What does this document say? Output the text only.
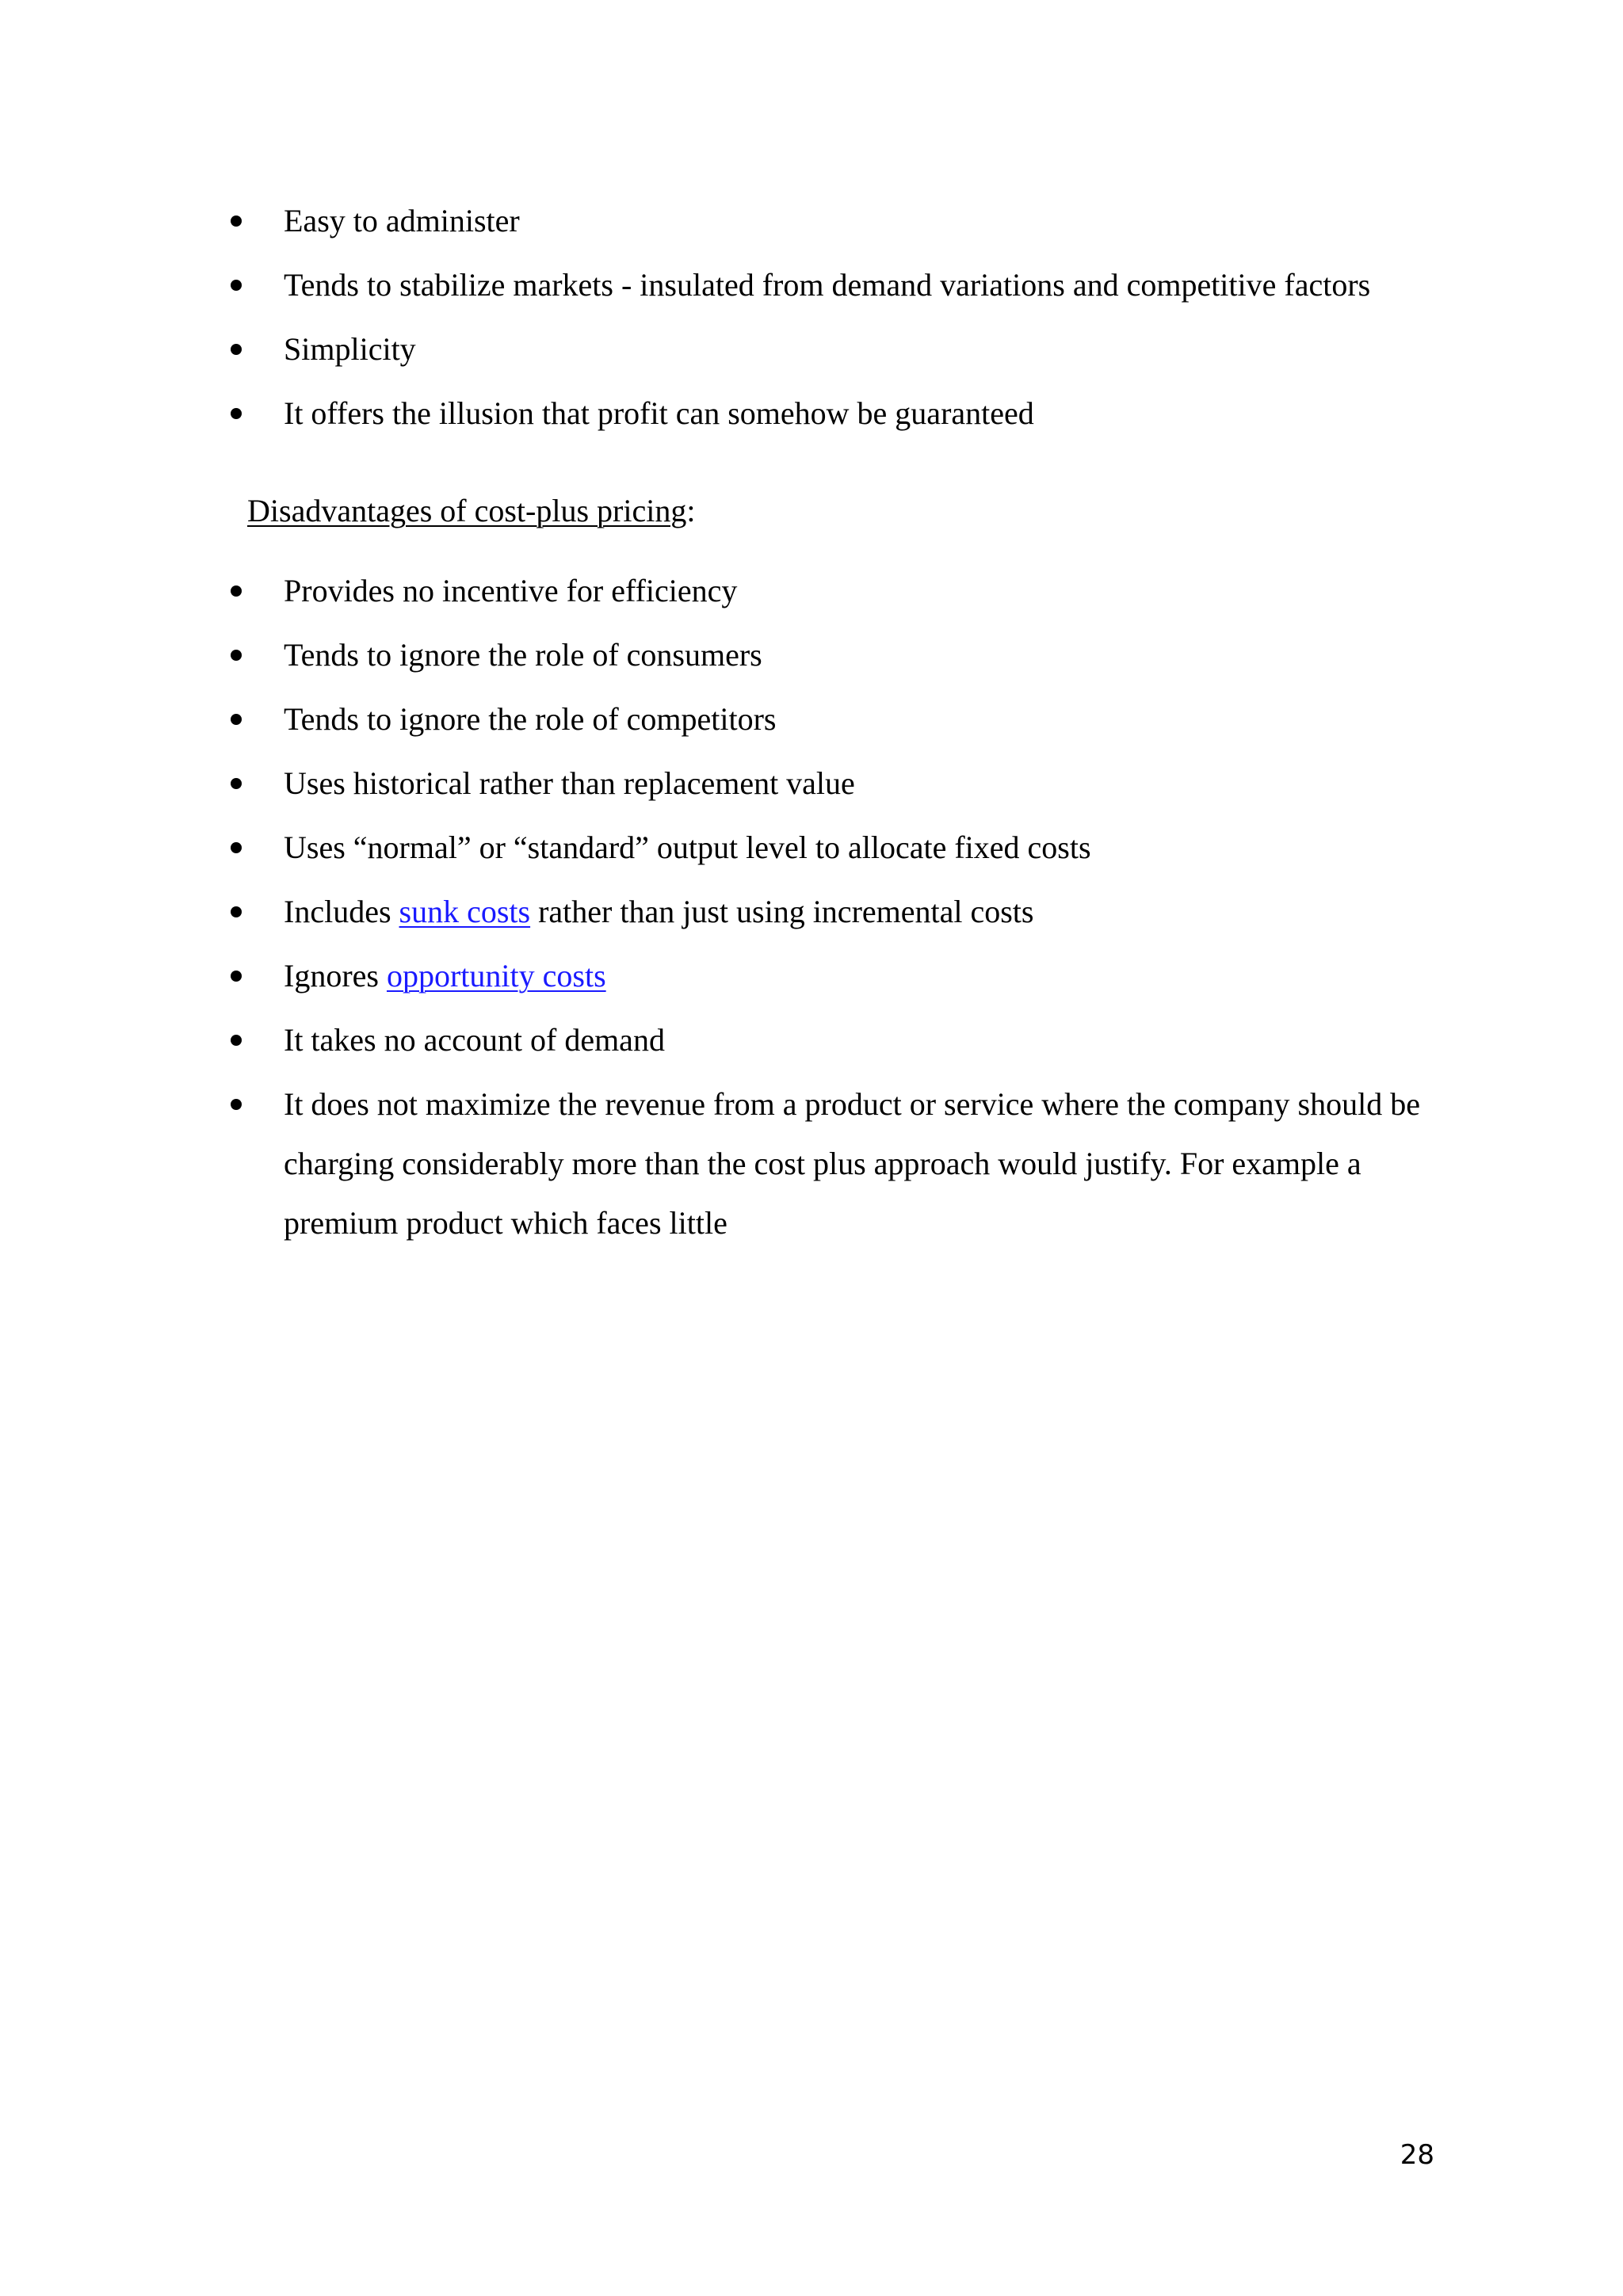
Easy to administer
Tends to stabilize markets - insulated from demand variations and competitive factors
Simplicity
It offers the illusion that profit can somehow be guaranteed
Disadvantages of cost-plus pricing:
Provides no incentive for efficiency
Tends to ignore the role of consumers
Tends to ignore the role of competitors
Uses historical rather than replacement value
Uses “normal” or “standard” output level to allocate fixed costs
Includes sunk costs rather than just using incremental costs
Ignores opportunity costs
It takes no account of demand
It does not maximize the revenue from a product or service where the company should be charging considerably more than the cost plus approach would justify. For example a premium product which faces little
28
